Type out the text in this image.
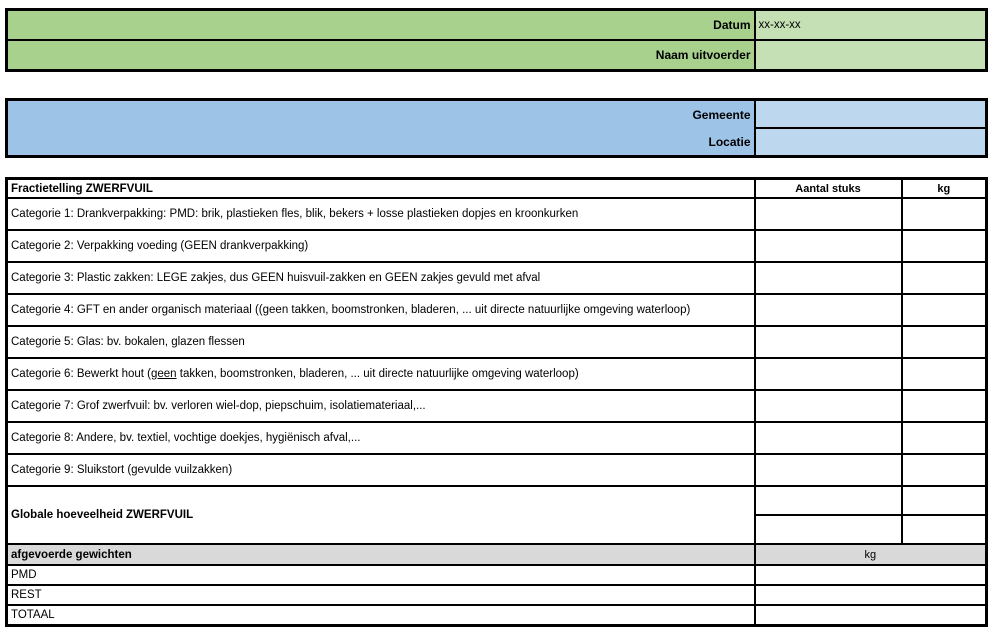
Datum	xx-xx-xx
Naam uitvoerder	
Gemeente	
Locatie	
Fractietelling ZWERFVUIL	Aantal stuks	kg
Categorie 1: Drankverpakking: PMD: brik, plastieken fles, blik, bekers + losse plastieken dopjes en kroonkurken		
Categorie 2: Verpakking voeding (GEEN drankverpakking)		
Categorie 3: Plastic zakken: LEGE zakjes, dus GEEN huisvuil-zakken en GEEN zakjes gevuld met afval		
Categorie 4: GFT en ander organisch materiaal ((geen takken, boomstronken, bladeren, ... uit directe natuurlijke omgeving waterloop)		
Categorie 5: Glas: bv. bokalen, glazen flessen		
Categorie 6: Bewerkt hout (geen takken, boomstronken, bladeren, ... uit directe natuurlijke omgeving waterloop)		
Categorie 7: Grof zwerfvuil: bv. verloren wiel-dop, piepschuim, isolatiemateriaal,...		
Categorie 8: Andere, bv. textiel, vochtige doekjes, hygiënisch afval,...		
Categorie 9: Sluikstort (gevulde vuilzakken)		
Globale hoeveelheid ZWERFVUIL		

afgevoerde gewichten	kg	
PMD		
REST		
TOTAAL		
